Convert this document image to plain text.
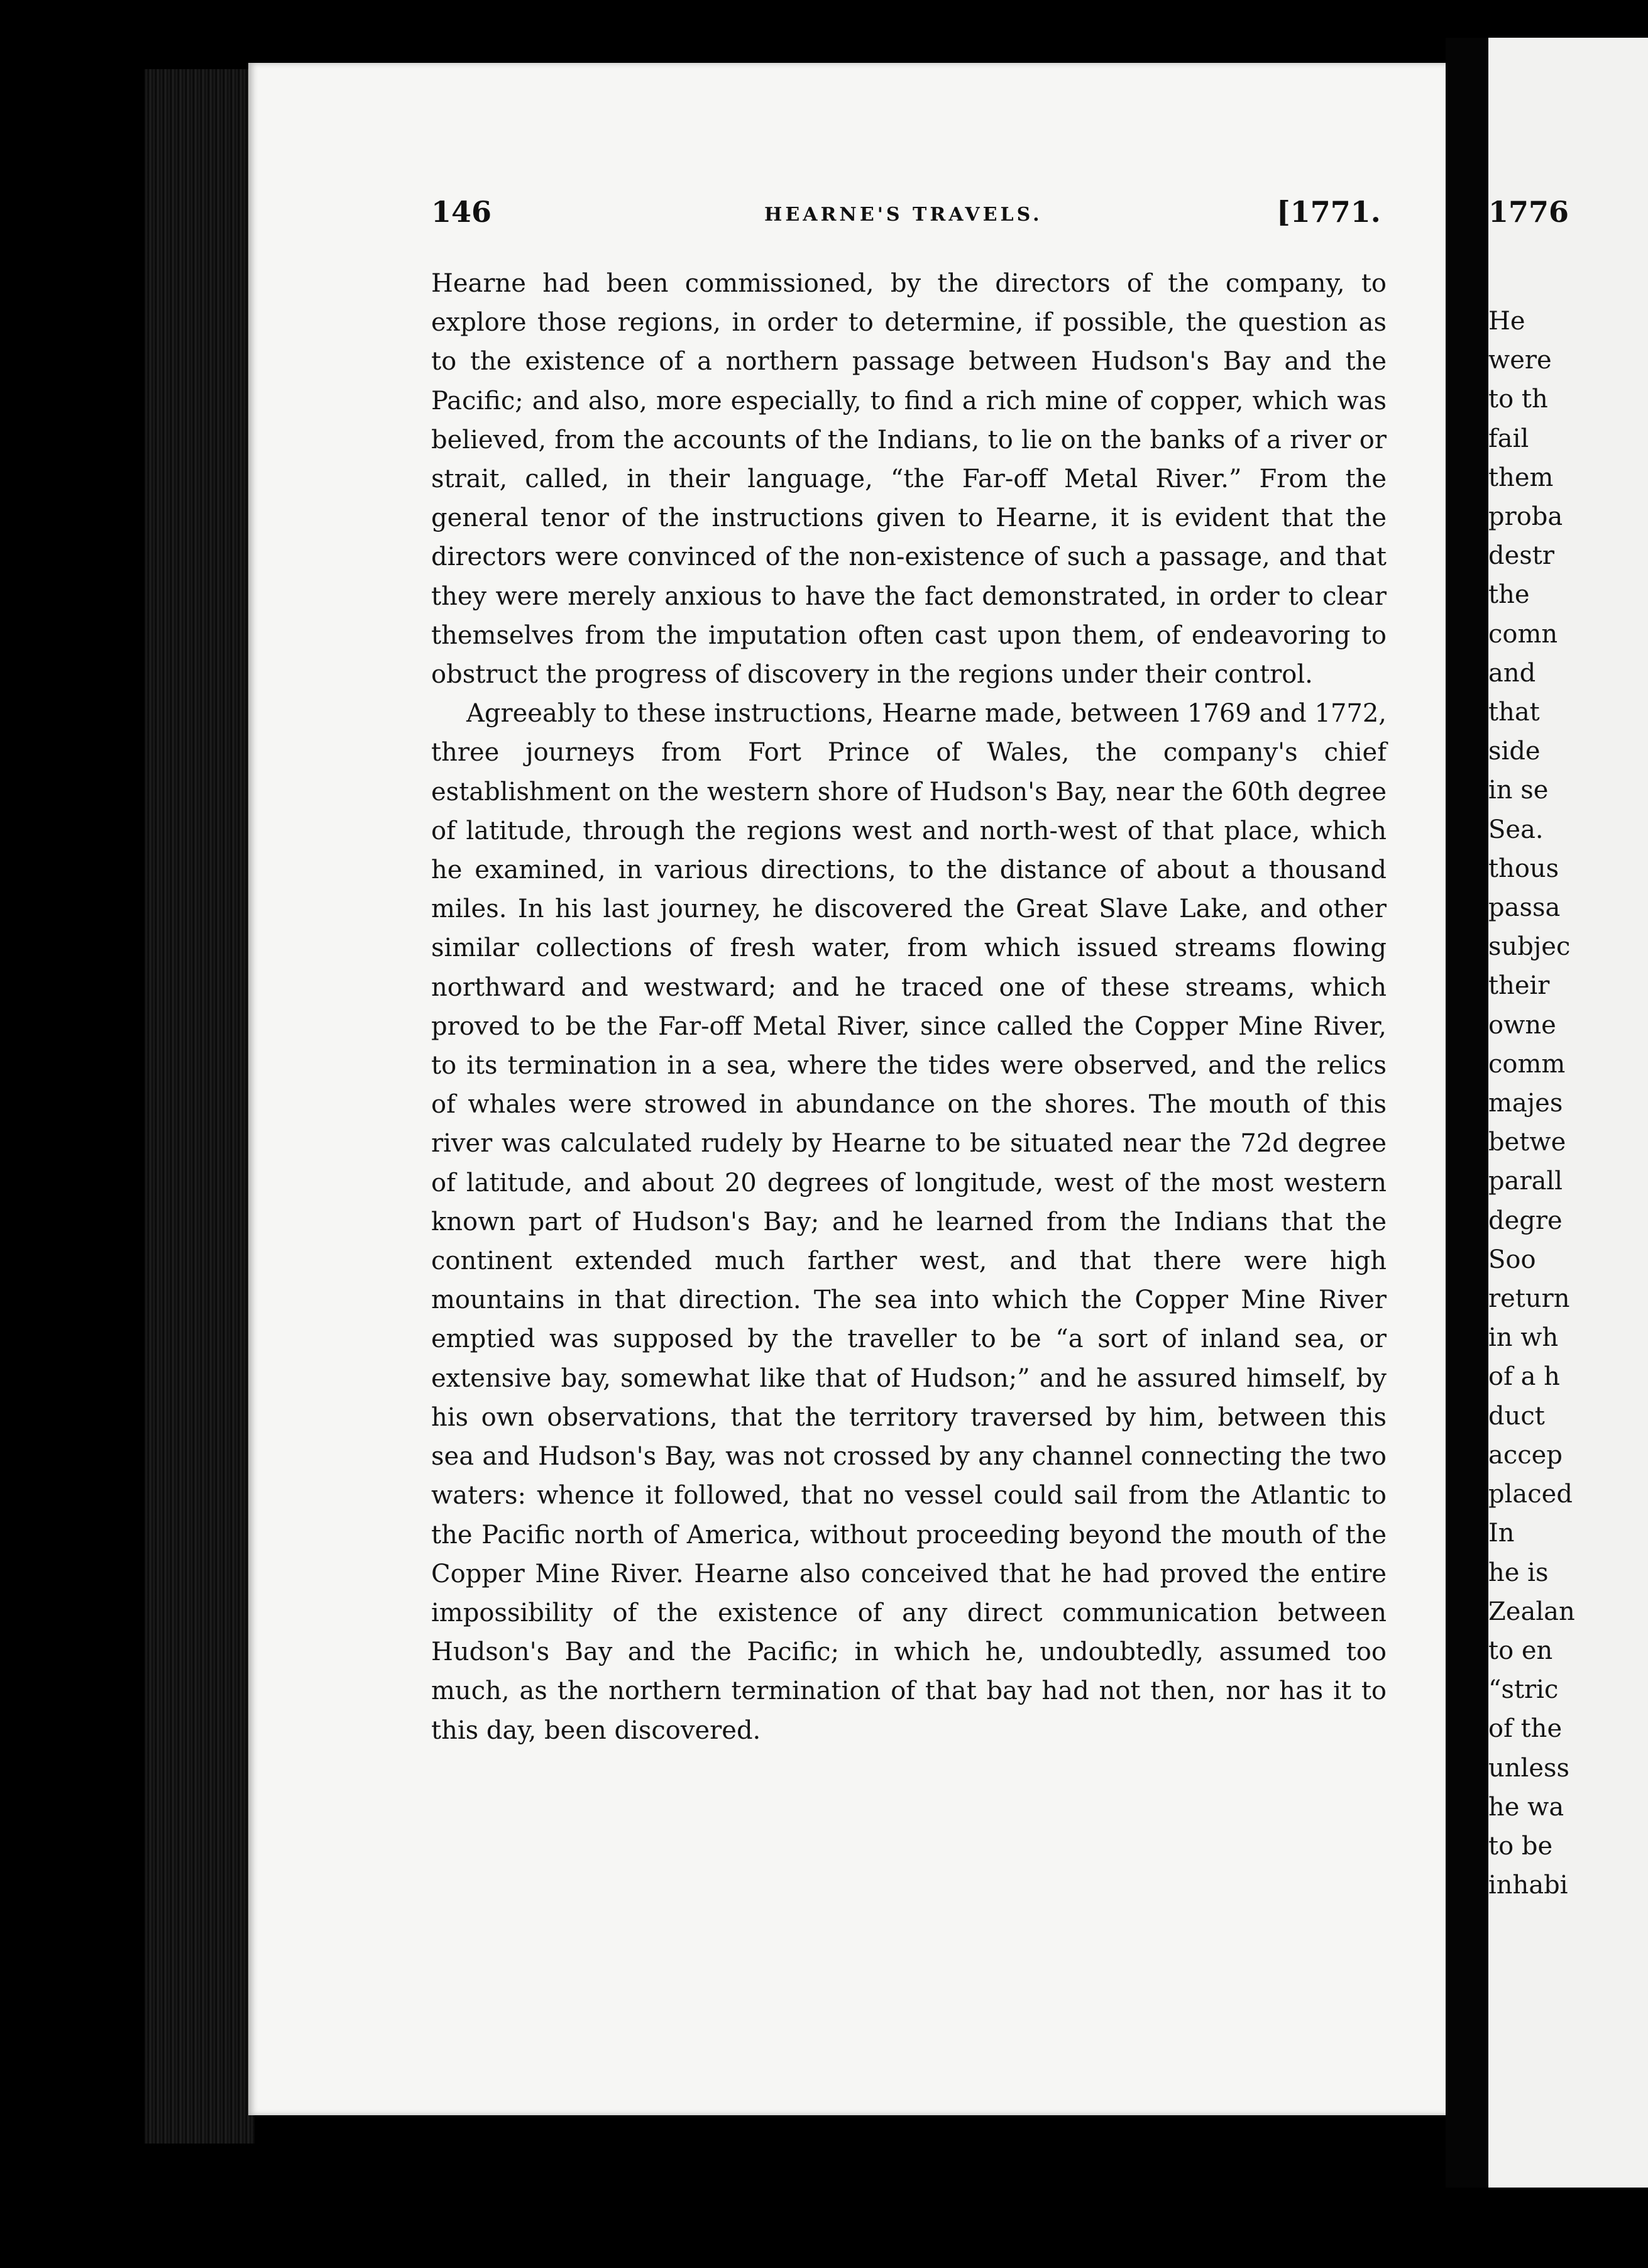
1776
He
were
to th
fail
them
proba
destr
the
comn
and
that
side
in se
Sea.
thous
passa
subjec
their
owne
comm
majes
betwe
parall
degre
Soo
return
in wh
of a h
duct
accep
placed
In
he is
Zealan
to en
“stric
of the
unless
he wa
to be
inhabi
146	HEARNE'S TRAVELS.	[1771.

Hearne had been commissioned, by the directors of the company, to explore those regions, in order to determine, if possible, the question as to the existence of a northern passage between Hudson's Bay and the Pacific; and also, more especially, to find a rich mine of copper, which was believed, from the accounts of the Indians, to lie on the banks of a river or strait, called, in their language, “the Far-off Metal River.” From the general tenor of the instructions given to Hearne, it is evident that the directors were convinced of the non-existence of such a passage, and that they were merely anxious to have the fact demonstrated, in order to clear themselves from the imputation often cast upon them, of endeavoring to obstruct the progress of discovery in the regions under their control.

Agreeably to these instructions, Hearne made, between 1769 and 1772, three journeys from Fort Prince of Wales, the company's chief establishment on the western shore of Hudson's Bay, near the 60th degree of latitude, through the regions west and north-west of that place, which he examined, in various directions, to the distance of about a thousand miles. In his last journey, he discovered the Great Slave Lake, and other similar collections of fresh water, from which issued streams flowing northward and westward; and he traced one of these streams, which proved to be the Far-off Metal River, since called the Copper Mine River, to its termination in a sea, where the tides were observed, and the relics of whales were strowed in abundance on the shores. The mouth of this river was calculated rudely by Hearne to be situated near the 72d degree of latitude, and about 20 degrees of longitude, west of the most western known part of Hudson's Bay; and he learned from the Indians that the continent extended much farther west, and that there were high mountains in that direction. The sea into which the Copper Mine River emptied was supposed by the traveller to be “a sort of inland sea, or extensive bay, somewhat like that of Hudson;” and he assured himself, by his own observations, that the territory traversed by him, between this sea and Hudson's Bay, was not crossed by any channel connecting the two waters: whence it followed, that no vessel could sail from the Atlantic to the Pacific north of America, without proceeding beyond the mouth of the Copper Mine River. Hearne also conceived that he had proved the entire impossibility of the existence of any direct communication between Hudson's Bay and the Pacific; in which he, undoubtedly, assumed too much, as the northern termination of that bay had not then, nor has it to this day, been discovered.
